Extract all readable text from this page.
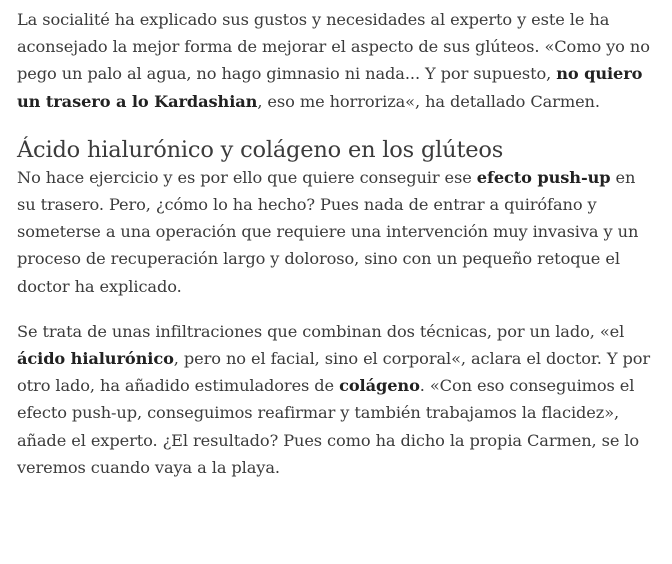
La socialité ha explicado sus gustos y necesidades al experto y este le ha aconsejado la mejor forma de mejorar el aspecto de sus glúteos. «Como yo no pego un palo al agua, no hago gimnasio ni nada... Y por supuesto, no quiero un trasero a lo Kardashian, eso me horroriza«, ha detallado Carmen.

Ácido hialurónico y colágeno en los glúteos

No hace ejercicio y es por ello que quiere conseguir ese efecto push-up en su trasero. Pero, ¿cómo lo ha hecho? Pues nada de entrar a quirófano y someterse a una operación que requiere una intervención muy invasiva y un proceso de recuperación largo y doloroso, sino con un pequeño retoque el doctor ha explicado.

Se trata de unas infiltraciones que combinan dos técnicas, por un lado, «el ácido hialurónico, pero no el facial, sino el corporal«, aclara el doctor. Y por otro lado, ha añadido estimuladores de colágeno. «Con eso conseguimos el efecto push-up, conseguimos reafirmar y también trabajamos la flacidez», añade el experto. ¿El resultado? Pues como ha dicho la propia Carmen, se lo veremos cuando vaya a la playa.
